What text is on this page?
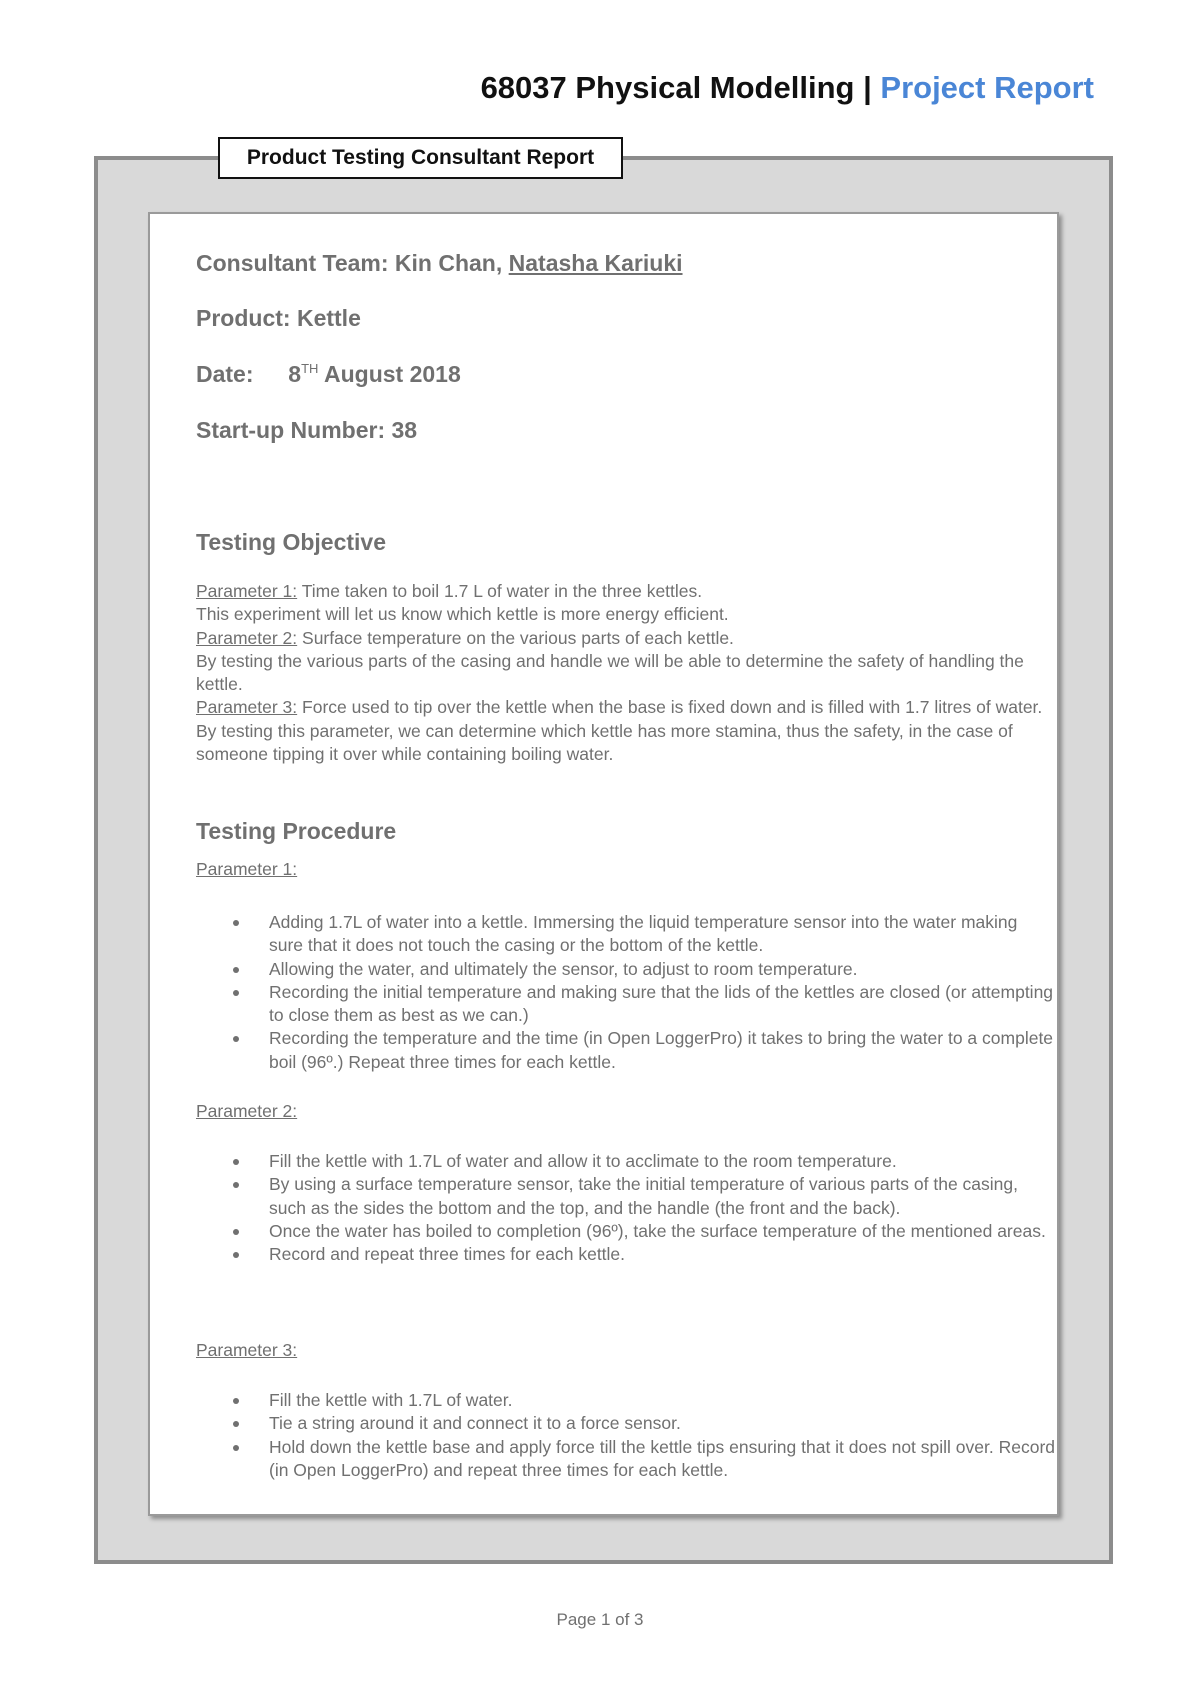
68037 Physical Modelling | Project Report
Product Testing Consultant Report
Consultant Team: Kin Chan, Natasha Kariuki
Product: Kettle
Date: 8TH August 2018
Start-up Number: 38
Testing Objective
Parameter 1: Time taken to boil 1.7 L of water in the three kettles.
This experiment will let us know which kettle is more energy efficient.
Parameter 2: Surface temperature on the various parts of each kettle.
By testing the various parts of the casing and handle we will be able to determine the safety of handling the kettle.
Parameter 3: Force used to tip over the kettle when the base is fixed down and is filled with 1.7 litres of water.
By testing this parameter, we can determine which kettle has more stamina, thus the safety, in the case of someone tipping it over while containing boiling water.
Testing Procedure
Parameter 1:
Adding 1.7L of water into a kettle. Immersing the liquid temperature sensor into the water making sure that it does not touch the casing or the bottom of the kettle.
Allowing the water, and ultimately the sensor, to adjust to room temperature.
Recording the initial temperature and making sure that the lids of the kettles are closed (or attempting to close them as best as we can.)
Recording the temperature and the time (in Open LoggerPro) it takes to bring the water to a complete boil (96º.) Repeat three times for each kettle.
Parameter 2:
Fill the kettle with 1.7L of water and allow it to acclimate to the room temperature.
By using a surface temperature sensor, take the initial temperature of various parts of the casing, such as the sides the bottom and the top, and the handle (the front and the back).
Once the water has boiled to completion (96º), take the surface temperature of the mentioned areas.
Record and repeat three times for each kettle.
Parameter 3:
Fill the kettle with 1.7L of water.
Tie a string around it and connect it to a force sensor.
Hold down the kettle base and apply force till the kettle tips ensuring that it does not spill over. Record (in Open LoggerPro) and repeat three times for each kettle.
Page 1 of 3
